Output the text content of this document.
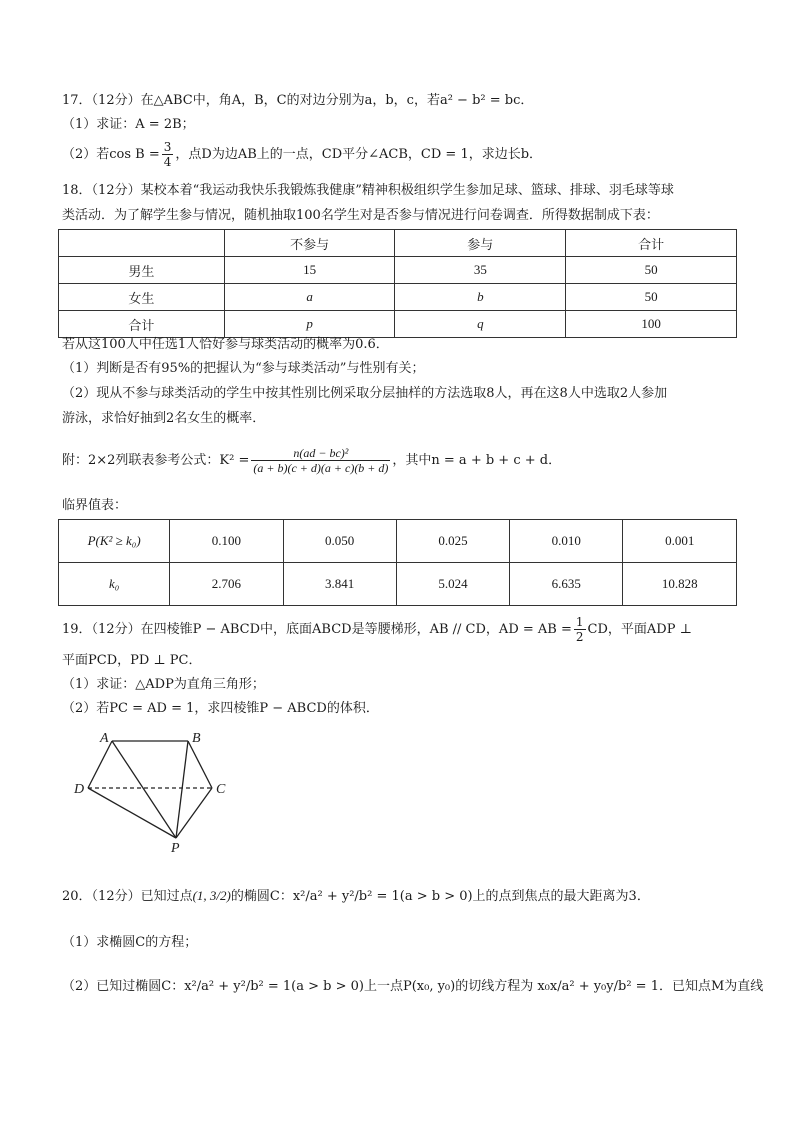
17．（12分）在△ABC中，角A，B，C的对边分别为a，b，c，若a² − b² = bc．
（1）求证：A = 2B；
（2）若$\cos B = \frac{3}{4}$ ，点D为边AB上的一点，CD平分∠ACB，CD = 1，求边长b．
18．（12分）某校本着“我运动我快乐我锻炼我健康”精神积极组织学生参加足球、篮球、排球、羽毛球等球
类活动．为了解学生参与情况，随机抽取100名学生对是否参与情况进行问卷调查．所得数据制成下表：
	不参与	参与	合计
男生	15	35	50
女生	a	b	50
合计	p	q	100
若从这100人中任选1人恰好参与球类活动的概率为0.6．
（1）判断是否有95%的把握认为“参与球类活动”与性别有关；
（2）现从不参与球类活动的学生中按其性别比例采取分层抽样的方法选取8人，再在这8人中选取2人参加
游泳，求恰好抽到2名女生的概率．
附：2×2列联表参考公式：$K^2 = \frac{\text{n(ad − bc)²}}{(a + b)(c + d)(a + c)(b + d)}$ ，其中n = a + b + c + d．
临界值表：
P(K² ≥ k₀)	0.100	0.050	0.025	0.010	0.001
k₀	2.706	3.841	5.024	6.635	10.828
19．（12分）在四棱锥P − ABCD中，底面ABCD是等腰梯形，AB // CD，AD = AB = $\frac{1}{2}$ CD，平面ADP ⊥
平面PCD，PD ⊥ PC．
（1）求证：△ADP为直角三角形；
（2）若PC = AD = 1，求四棱锥P − ABCD的体积．
A	B
C
D
P
20．（12分）已知过点(1, 3/2)的椭圆C：x²/a² + y²/b² = 1(a > b > 0)上的点到焦点的最大距离为3．
（1）求椭圆C的方程；
（2）已知过椭圆C：x²/a² + y²/b² = 1(a > b > 0)上一点P(x₀, y₀)的切线方程为 x₀x/a² + y₀y/b² = 1．已知点M为直线
